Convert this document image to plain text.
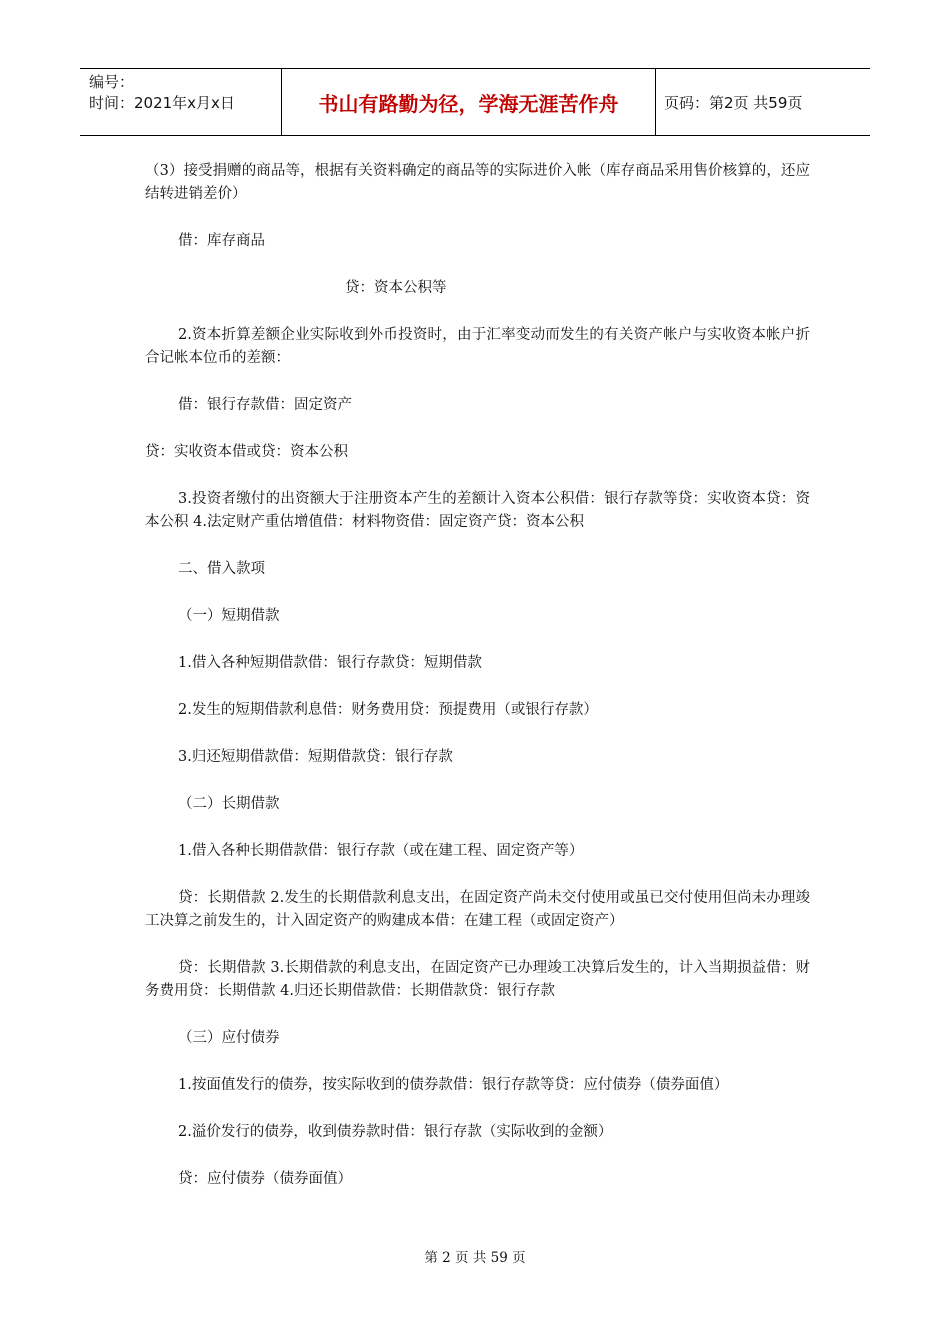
编号：
时间：2021年x月x日	书山有路勤为径，学海无涯苦作舟	页码：第2页 共59页

（3）接受捐赠的商品等，根据有关资料确定的商品等的实际进价入帐（库存商品采用售价核算的，还应结转进销差价）

借：库存商品

贷：资本公积等

2.资本折算差额企业实际收到外币投资时，由于汇率变动而发生的有关资产帐户与实收资本帐户折合记帐本位币的差额：

借：银行存款借：固定资产

贷：实收资本借或贷：资本公积

3.投资者缴付的出资额大于注册资本产生的差额计入资本公积借：银行存款等贷：实收资本贷：资本公积 4.法定财产重估增值借：材料物资借：固定资产贷：资本公积

二、借入款项

（一）短期借款

1.借入各种短期借款借：银行存款贷：短期借款

2.发生的短期借款利息借：财务费用贷：预提费用（或银行存款）

3.归还短期借款借：短期借款贷：银行存款

（二）长期借款

1.借入各种长期借款借：银行存款（或在建工程、固定资产等）

贷：长期借款 2.发生的长期借款利息支出，在固定资产尚未交付使用或虽已交付使用但尚未办理竣工决算之前发生的，计入固定资产的购建成本借：在建工程（或固定资产）

贷：长期借款 3.长期借款的利息支出，在固定资产已办理竣工决算后发生的，计入当期损益借：财务费用贷：长期借款 4.归还长期借款借：长期借款贷：银行存款

（三）应付债券

1.按面值发行的债券，按实际收到的债券款借：银行存款等贷：应付债券（债券面值）

2.溢价发行的债券，收到债券款时借：银行存款（实际收到的金额）

贷：应付债券（债券面值）

第 2 页 共 59 页
